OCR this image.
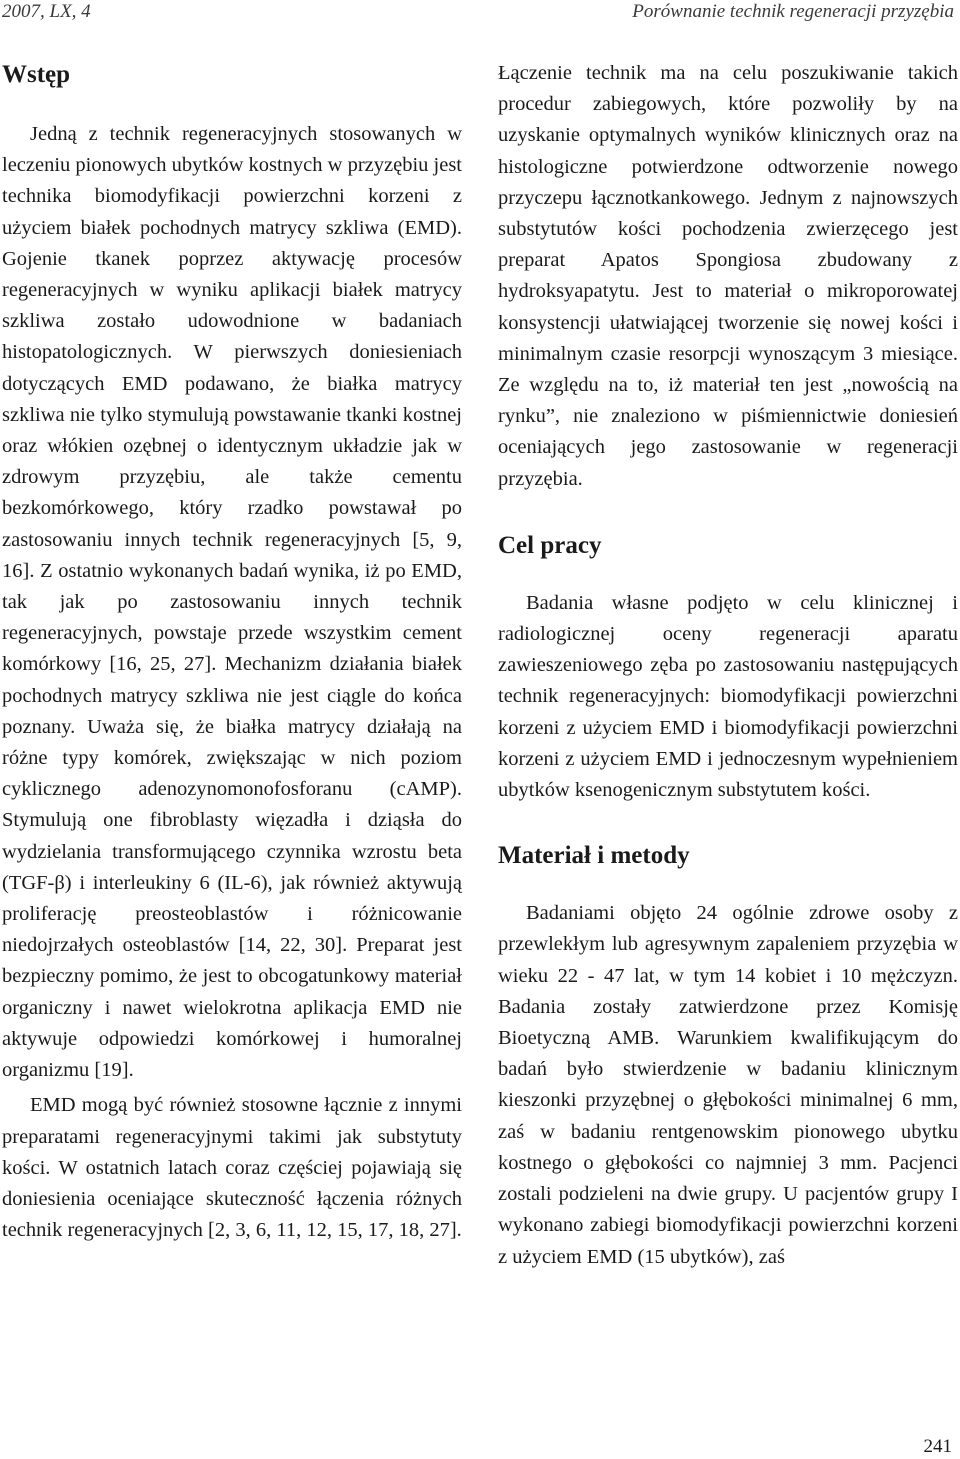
2007, LX, 4	Porównanie technik regeneracji przyzębia
Wstęp

Jedną z technik regeneracyjnych stosowanych w leczeniu pionowych ubytków kostnych w przyzębiu jest technika biomodyfikacji powierzchni korzeni z użyciem białek pochodnych matrycy szkliwa (EMD). Gojenie tkanek poprzez aktywację procesów regeneracyjnych w wyniku aplikacji białek matrycy szkliwa zostało udowodnione w badaniach histopatologicznych. W pierwszych doniesieniach dotyczących EMD podawano, że białka matrycy szkliwa nie tylko stymulują powstawanie tkanki kostnej oraz włókien ozębnej o identycznym układzie jak w zdrowym przyzębiu, ale także cementu bezkomórkowego, który rzadko powstawał po zastosowaniu innych technik regeneracyjnych [5, 9, 16]. Z ostatnio wykonanych badań wynika, iż po EMD, tak jak po zastosowaniu innych technik regeneracyjnych, powstaje przede wszystkim cement komórkowy [16, 25, 27]. Mechanizm działania białek pochodnych matrycy szkliwa nie jest ciągle do końca poznany. Uważa się, że białka matrycy działają na różne typy komórek, zwiększając w nich poziom cyklicznego adenozynomonofosforanu (cAMP). Stymulują one fibroblasty więzadła i dziąsła do wydzielania transformującego czynnika wzrostu beta (TGF-β) i interleukiny 6 (IL-6), jak również aktywują proliferację preosteoblastów i różnicowanie niedojrzałych osteoblastów [14, 22, 30]. Preparat jest bezpieczny pomimo, że jest to obcogatunkowy materiał organiczny i nawet wielokrotna aplikacja EMD nie aktywuje odpowiedzi komórkowej i humoralnej organizmu [19].

EMD mogą być również stosowne łącznie z innymi preparatami regeneracyjnymi takimi jak substytuty kości. W ostatnich latach coraz częściej pojawiają się doniesienia oceniające skuteczność łączenia różnych technik regeneracyjnych [2, 3, 6, 11, 12, 15, 17, 18, 27].

Łączenie technik ma na celu poszukiwanie takich procedur zabiegowych, które pozwoliły by na uzyskanie optymalnych wyników klinicznych oraz na histologiczne potwierdzone odtworzenie nowego przyczepu łącznotkankowego. Jednym z najnowszych substytutów kości pochodzenia zwierzęcego jest preparat Apatos Spongiosa zbudowany z hydroksyapatytu. Jest to materiał o mikroporowatej konsystencji ułatwiającej tworzenie się nowej kości i minimalnym czasie resorpcji wynoszącym 3 miesiące. Ze względu na to, iż materiał ten jest „nowością na rynku”, nie znaleziono w piśmiennictwie doniesień oceniających jego zastosowanie w regeneracji przyzębia.

Cel pracy

Badania własne podjęto w celu klinicznej i radiologicznej oceny regeneracji aparatu zawieszeniowego zęba po zastosowaniu następujących technik regeneracyjnych: biomodyfikacji powierzchni korzeni z użyciem EMD i biomodyfikacji powierzchni korzeni z użyciem EMD i jednoczesnym wypełnieniem ubytków ksenogenicznym substytutem kości.

Materiał i metody

Badaniami objęto 24 ogólnie zdrowe osoby z przewlekłym lub agresywnym zapaleniem przyzębia w wieku 22 - 47 lat, w tym 14 kobiet i 10 mężczyzn. Badania zostały zatwierdzone przez Komisję Bioetyczną AMB. Warunkiem kwalifikującym do badań było stwierdzenie w badaniu klinicznym kieszonki przyzębnej o głębokości minimalnej 6 mm, zaś w badaniu rentgenowskim pionowego ubytku kostnego o głębokości co najmniej 3 mm. Pacjenci zostali podzieleni na dwie grupy. U pacjentów grupy I wykonano zabiegi biomodyfikacji powierzchni korzeni z użyciem EMD (15 ubytków), zaś

241
